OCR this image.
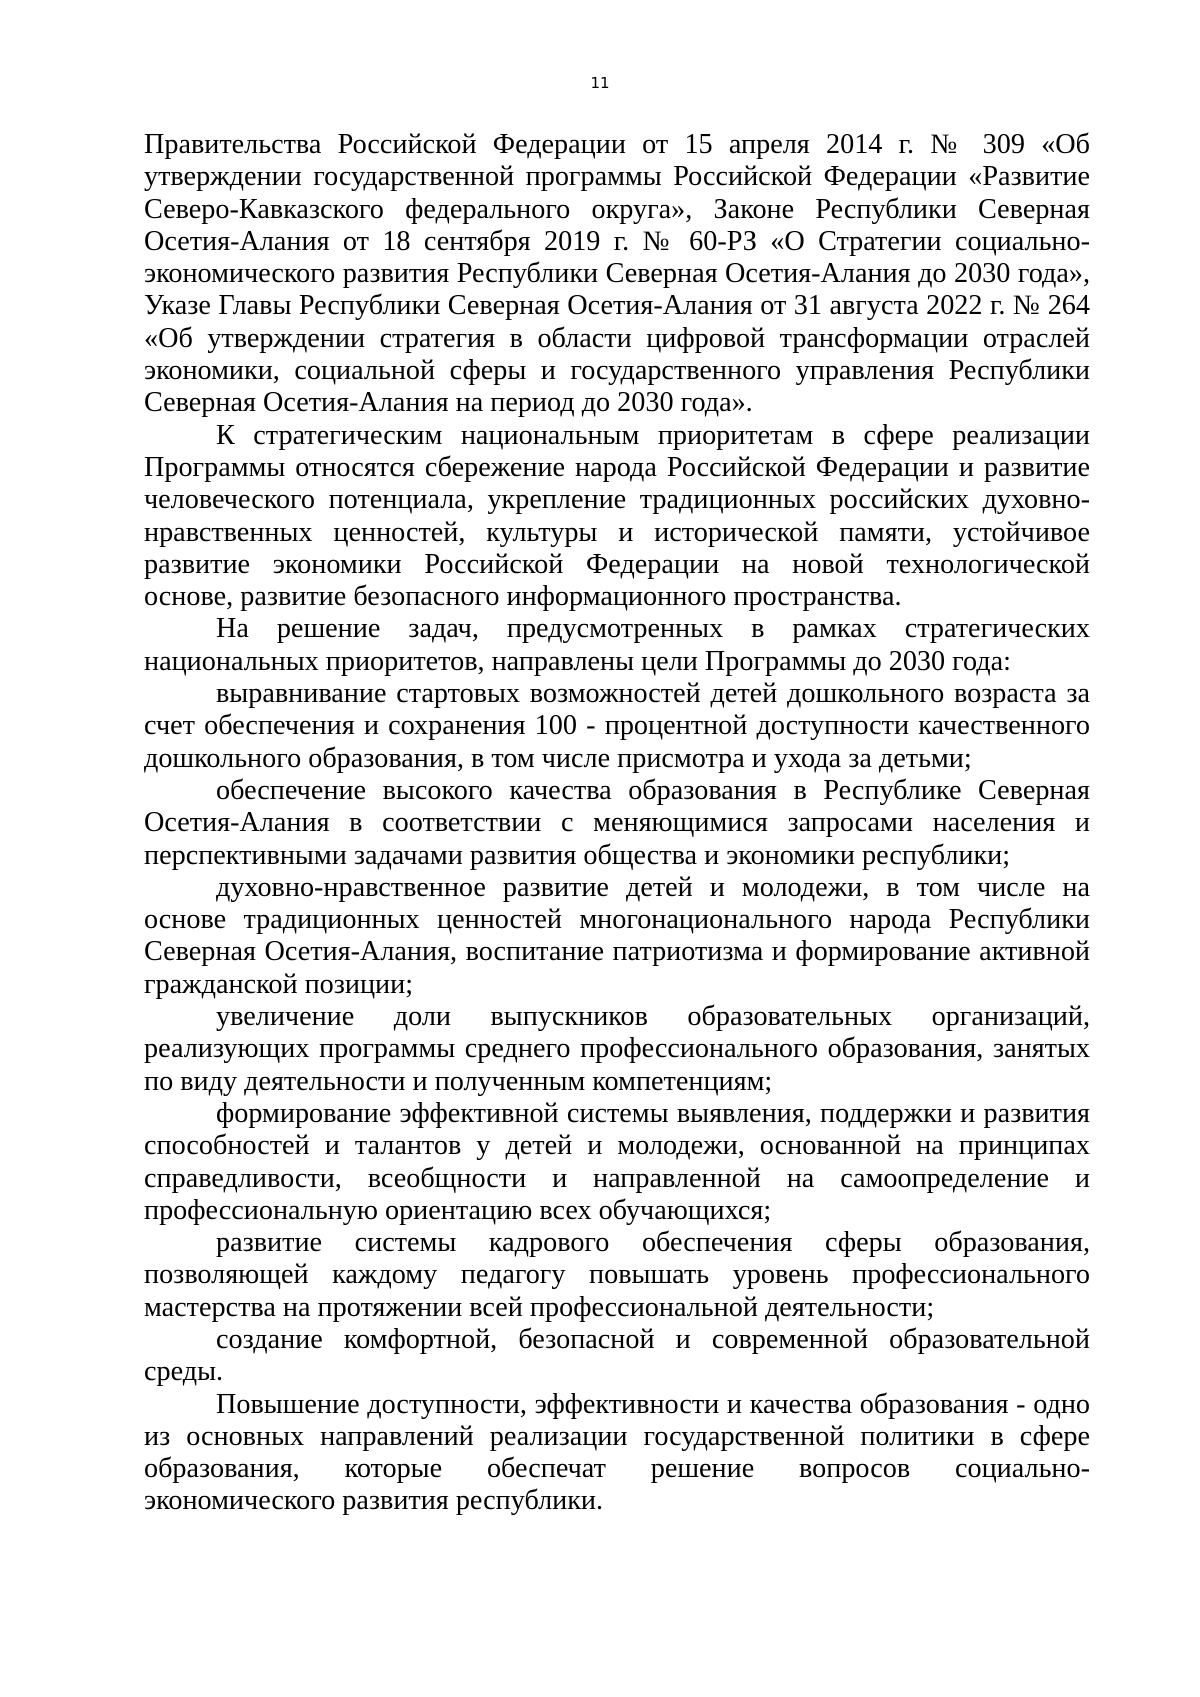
11

Правительства Российской Федерации от 15 апреля 2014 г. № 309 «Об утверждении государственной программы Российской Федерации «Развитие Северо-Кавказского федерального округа», Законе Республики Северная Осетия-Алания от 18 сентября 2019 г. № 60-РЗ «О Стратегии социально-экономического развития Республики Северная Осетия-Алания до 2030 года», Указе Главы Республики Северная Осетия-Алания от 31 августа 2022 г. № 264 «Об утверждении стратегия в области цифровой трансформации отраслей экономики, социальной сферы и государственного управления Республики Северная Осетия-Алания на период до 2030 года».

К стратегическим национальным приоритетам в сфере реализации Программы относятся сбережение народа Российской Федерации и развитие человеческого потенциала, укрепление традиционных российских духовно-нравственных ценностей, культуры и исторической памяти, устойчивое развитие экономики Российской Федерации на новой технологической основе, развитие безопасного информационного пространства.

На решение задач, предусмотренных в рамках стратегических национальных приоритетов, направлены цели Программы до 2030 года:

выравнивание стартовых возможностей детей дошкольного возраста за счет обеспечения и сохранения 100 - процентной доступности качественного дошкольного образования, в том числе присмотра и ухода за детьми;

обеспечение высокого качества образования в Республике Северная Осетия-Алания в соответствии с меняющимися запросами населения и перспективными задачами развития общества и экономики республики;

духовно-нравственное развитие детей и молодежи, в том числе на основе традиционных ценностей многонационального народа Республики Северная Осетия-Алания, воспитание патриотизма и формирование активной гражданской позиции;

увеличение доли выпускников образовательных организаций, реализующих программы среднего профессионального образования, занятых по виду деятельности и полученным компетенциям;

формирование эффективной системы выявления, поддержки и развития способностей и талантов у детей и молодежи, основанной на принципах справедливости, всеобщности и направленной на самоопределение и профессиональную ориентацию всех обучающихся;

развитие системы кадрового обеспечения сферы образования, позволяющей каждому педагогу повышать уровень профессионального мастерства на протяжении всей профессиональной деятельности;

создание комфортной, безопасной и современной образовательной среды.

Повышение доступности, эффективности и качества образования - одно из основных направлений реализации государственной политики в сфере образования, которые обеспечат решение вопросов социально-экономического развития республики.
